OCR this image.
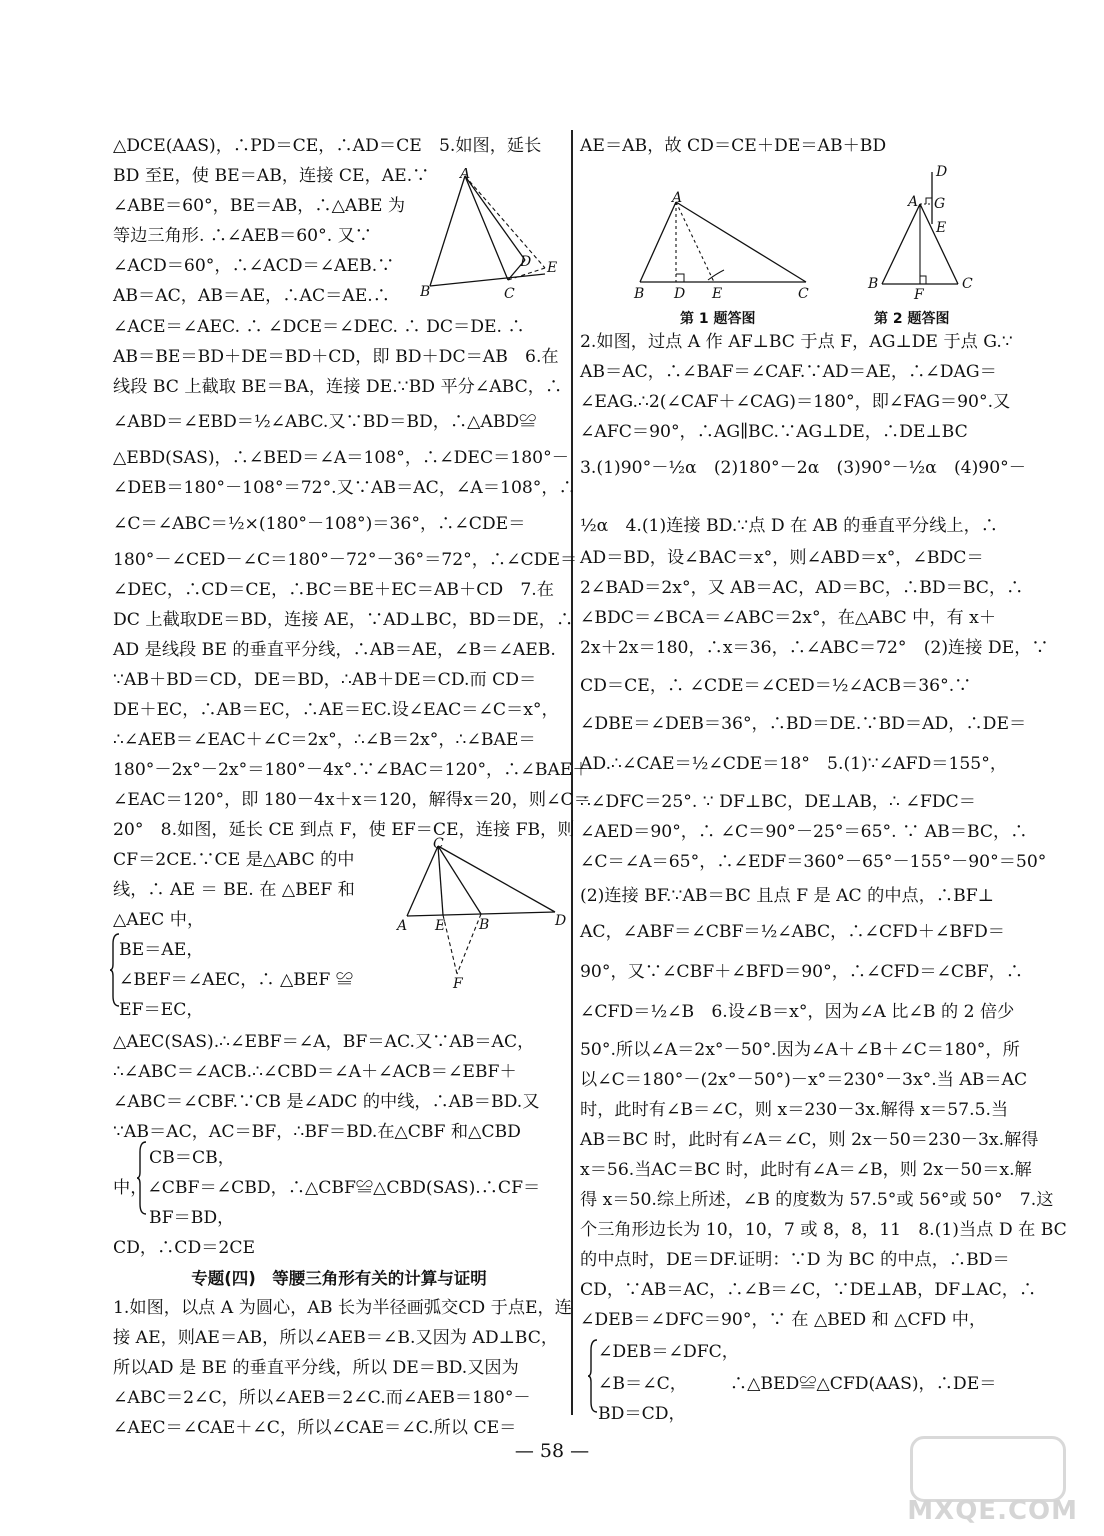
△DCE(AAS)，∴PD＝CE，∴AD＝CE　5.如图，延长
BD 至E，使 BE＝AB，连接 CE，AE.∵
∠ABE＝60°，BE＝AB，∴△ABE 为
等边三角形. ∴∠AEB＝60°. 又∵
∠ACD＝60°，∴∠ACD＝∠AEB.∵
AB＝AC，AB＝AE，∴AC＝AE.∴
∠ACE＝∠AEC. ∴ ∠DCE＝∠DEC. ∴ DC＝DE. ∴
AB＝BE＝BD＋DE＝BD＋CD，即 BD＋DC＝AB　6.在
线段 BC 上截取 BE＝BA，连接 DE.∵BD 平分∠ABC，∴
∠ABD＝∠EBD＝½∠ABC.又∵BD＝BD，∴△ABD≌
△EBD(SAS)，∴∠BED＝∠A＝108°，∴∠DEC＝180°－
∠DEB＝180°－108°＝72°.又∵AB＝AC，∠A＝108°，∴
∠C＝∠ABC＝½×(180°－108°)＝36°，∴∠CDE＝
180°－∠CED－∠C＝180°－72°－36°＝72°，∴∠CDE＝
∠DEC，∴CD＝CE，∴BC＝BE＋EC＝AB＋CD　7.在
DC 上截取DE＝BD，连接 AE，∵AD⊥BC，BD＝DE，∴
AD 是线段 BE 的垂直平分线，∴AB＝AE，∠B＝∠AEB.
∵AB＋BD＝CD，DE＝BD，∴AB＋DE＝CD.而 CD＝
DE＋EC，∴AB＝EC，∴AE＝EC.设∠EAC＝∠C＝x°，
∴∠AEB＝∠EAC＋∠C＝2x°，∴∠B＝2x°，∴∠BAE＝
180°－2x°－2x°＝180°－4x°.∵∠BAC＝120°，∴∠BAE＋
∠EAC＝120°，即 180－4x＋x＝120，解得x＝20，则∠C＝
20°　8.如图，延长 CE 到点 F，使 EF＝CE，连接 FB，则
CF＝2CE.∵CE 是△ABC 的中
线，∴ AE ＝ BE. 在 △BEF 和
△AEC 中，
BE＝AE，
∠BEF＝∠AEC，∴ △BEF ≌
EF＝EC，
△AEC(SAS).∴∠EBF＝∠A，BF＝AC.又∵AB＝AC，
∴∠ABC＝∠ACB.∴∠CBD＝∠A＋∠ACB＝∠EBF＋
∠ABC＝∠CBF.∵CB 是∠ADC 的中线，∴AB＝BD.又
∵AB＝AC，AC＝BF，∴BF＝BD.在△CBF 和△CBD
CB＝CB，
中，∠CBF＝∠CBD，∴△CBF≌△CBD(SAS).∴CF＝
BF＝BD，
CD，∴CD＝2CE
专题(四)　等腰三角形有关的计算与证明
1.如图，以点 A 为圆心，AB 长为半径画弧交CD 于点E，连
接 AE，则AE＝AB，所以∠AEB＝∠B.又因为 AD⊥BC，
所以AD 是 BE 的垂直平分线，所以 DE＝BD.又因为
∠ABC＝2∠C，所以∠AEB＝2∠C.而∠AEB＝180°－
∠AEC＝∠CAE＋∠C，所以∠CAE＝∠C.所以 CE＝
A
B	C
D E
C
A E B	D
F
AE＝AB，故 CD＝CE＋DE＝AB＋BD
第 1 题答图	第 2 题答图
2.如图，过点 A 作 AF⊥BC 于点 F，AG⊥DE 于点 G.∵
AB＝AC，∴∠BAF＝∠CAF.∵AD＝AE，∴∠DAG＝
∠EAG.∴2(∠CAF＋∠CAG)＝180°，即∠FAG＝90°.又
∠AFC＝90°，∴AG∥BC.∵AG⊥DE，∴DE⊥BC
3.(1)90°－½α　(2)180°－2α　(3)90°－½α　(4)90°－
½α　4.(1)连接 BD.∵点 D 在 AB 的垂直平分线上，∴
AD＝BD，设∠BAC＝x°，则∠ABD＝x°，∠BDC＝
2∠BAD＝2x°，又 AB＝AC，AD＝BC，∴BD＝BC，∴
∠BDC＝∠BCA＝∠ABC＝2x°，在△ABC 中，有 x＋
2x＋2x＝180，∴x＝36，∴∠ABC＝72°　(2)连接 DE，∵
CD＝CE，∴ ∠CDE＝∠CED＝½∠ACB＝36°.∵
∠DBE＝∠DEB＝36°，∴BD＝DE.∵BD＝AD，∴DE＝
AD.∴∠CAE＝½∠CDE＝18°　5.(1)∵∠AFD＝155°，
∴∠DFC＝25°. ∵ DF⊥BC，DE⊥AB，∴ ∠FDC＝
∠AED＝90°，∴ ∠C＝90°－25°＝65°. ∵ AB＝BC，∴
∠C＝∠A＝65°，∴∠EDF＝360°－65°－155°－90°＝50°
(2)连接 BF.∵AB＝BC 且点 F 是 AC 的中点，∴BF⊥
AC，∠ABF＝∠CBF＝½∠ABC，∴∠CFD＋∠BFD＝
90°，又∵∠CBF＋∠BFD＝90°，∴∠CFD＝∠CBF，∴
∠CFD＝½∠B　6.设∠B＝x°，因为∠A 比∠B 的 2 倍少
50°.所以∠A＝2x°－50°.因为∠A＋∠B＋∠C＝180°，所
以∠C＝180°－(2x°－50°)－x°＝230°－3x°.当 AB＝AC
时，此时有∠B＝∠C，则 x＝230－3x.解得 x＝57.5.当
AB＝BC 时，此时有∠A＝∠C，则 2x－50＝230－3x.解得
x＝56.当AC＝BC 时，此时有∠A＝∠B，则 2x－50＝x.解
得 x＝50.综上所述，∠B 的度数为 57.5°或 56°或 50°　7.这
个三角形边长为 10，10，7 或 8，8，11　8.(1)当点 D 在 BC
的中点时，DE＝DF.证明：∵D 为 BC 的中点，∴BD＝
CD，∵AB＝AC，∴∠B＝∠C，∵DE⊥AB，DF⊥AC，∴
∠DEB＝∠DFC＝90°，∵ 在 △BED 和 △CFD 中，
∠DEB＝∠DFC，
∠B＝∠C，　　　∴△BED≌△CFD(AAS)，∴DE＝
BD＝CD，
A
B D E	C
D
A G
E
B
F
C
— 58 —
MXQE.COM
